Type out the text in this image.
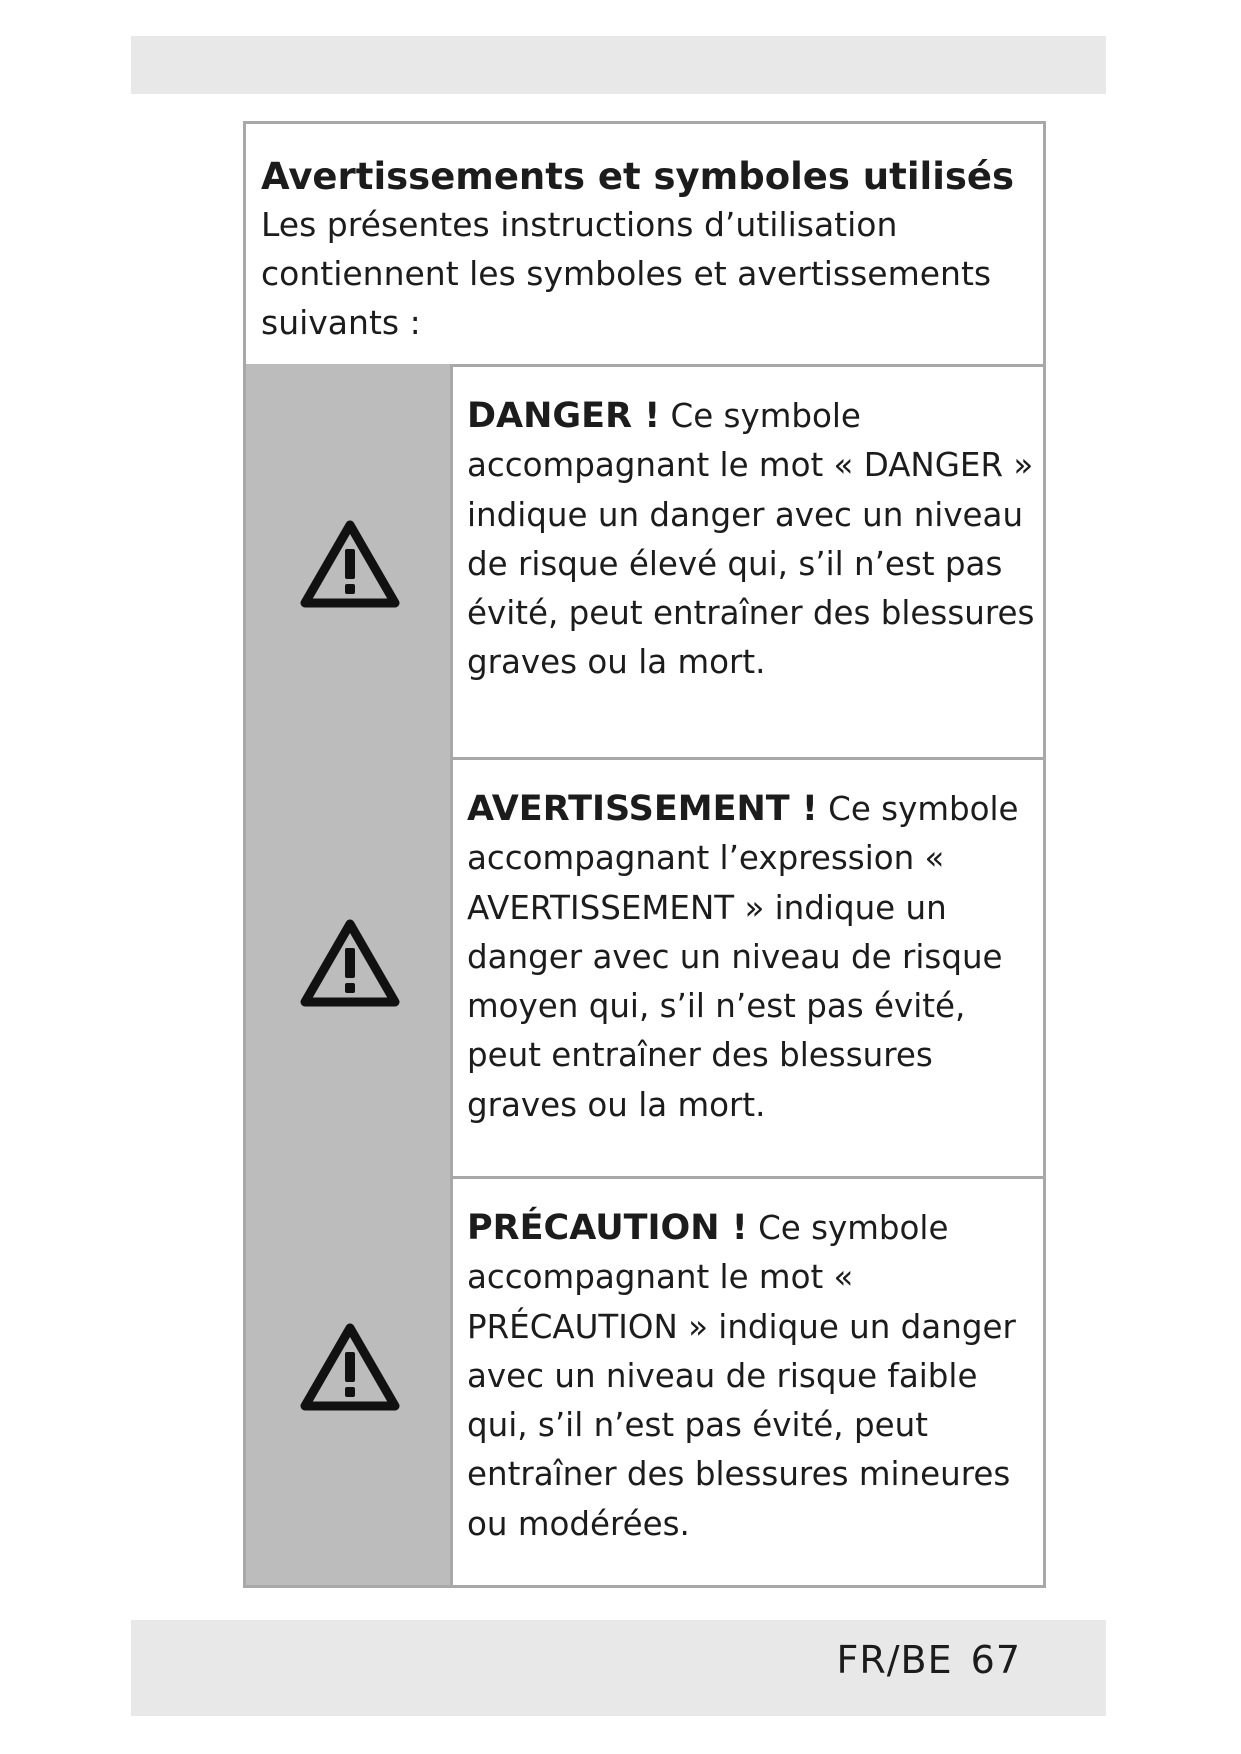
Avertissements et symboles utilisés

Les présentes instructions d’utilisation contiennent les symboles et avertissements suivants :

DANGER ! Ce symbole accompagnant le mot « DANGER » indique un danger avec un niveau de risque élevé qui, s’il n’est pas évité, peut entraîner des blessures graves ou la mort.

AVERTISSEMENT ! Ce symbole accompagnant l’expression « AVERTISSEMENT » indique un danger avec un niveau de risque moyen qui, s’il n’est pas évité, peut entraîner des blessures graves ou la mort.

PRÉCAUTION ! Ce symbole accompagnant le mot « PRÉCAUTION » indique un danger avec un niveau de risque faible qui, s’il n’est pas évité, peut entraîner des blessures mineures ou modérées.

FR/BE 67
